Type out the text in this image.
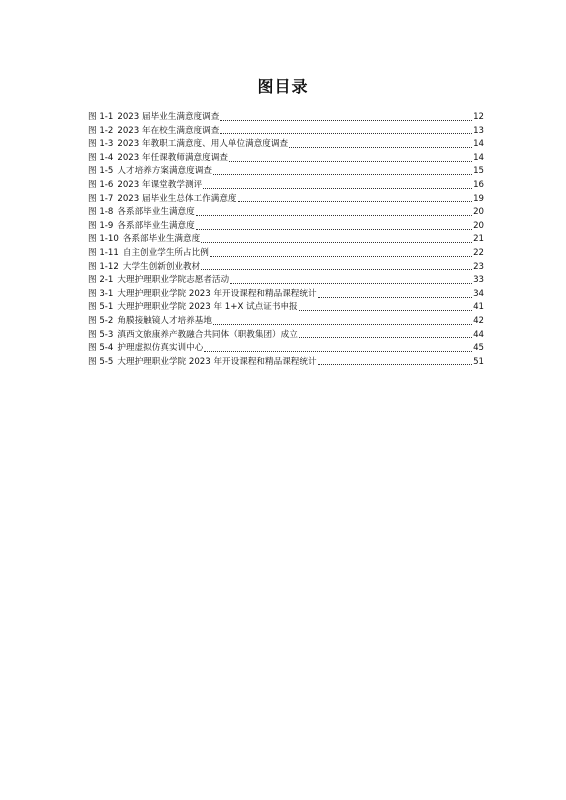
图目录
图 1-1 2023 届毕业生满意度调查	12
图 1-2 2023 年在校生满意度调查	13
图 1-3 2023 年教职工满意度、用人单位满意度调查	14
图 1-4 2023 年任课教师满意度调查	14
图 1-5 人才培养方案满意度调查	15
图 1-6 2023 年课堂教学测评	16
图 1-7 2023 届毕业生总体工作满意度	19
图 1-8 各系部毕业生满意度	20
图 1-9 各系部毕业生满意度	20
图 1-10 各系部毕业生满意度	21
图 1-11 自主创业学生所占比例	22
图 1-12 大学生创新创业教材	23
图 2-1 大理护理职业学院志愿者活动	33
图 3-1 大理护理职业学院 2023 年开设课程和精品课程统计	34
图 5-1 大理护理职业学院 2023 年 1+X 试点证书申报	41
图 5-2 角膜接触镜人才培养基地	42
图 5-3 滇西文旅康养产教融合共同体（职教集团）成立	44
图 5-4 护理虚拟仿真实训中心	45
图 5-5 大理护理职业学院 2023 年开设课程和精品课程统计	51
